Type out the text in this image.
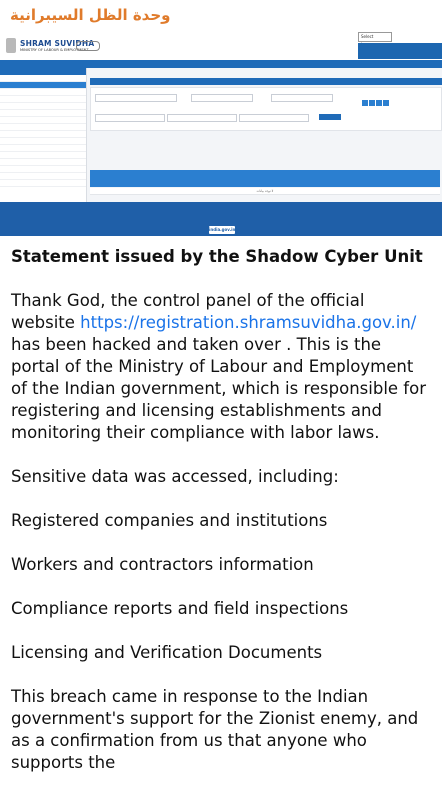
وحدة الظل السيبرانية
SHRAM SUVIDHA
MINISTRY OF LABOUR & EMPLOYMENT
Select
لا توجد بيانات
india.gov.in

Statement issued by the Shadow Cyber Unit

Thank God, the control panel of the official website https://registration.shramsuvidha.gov.in/ has been hacked and taken over . This is the portal of the Ministry of Labour and Employment of the Indian government, which is responsible for registering and licensing establishments and monitoring their compliance with labor laws.

Sensitive data was accessed, including:

Registered companies and institutions

Workers and contractors information

Compliance reports and field inspections

Licensing and Verification Documents

This breach came in response to the Indian government's support for the Zionist enemy, and as a confirmation from us that anyone who supports the
